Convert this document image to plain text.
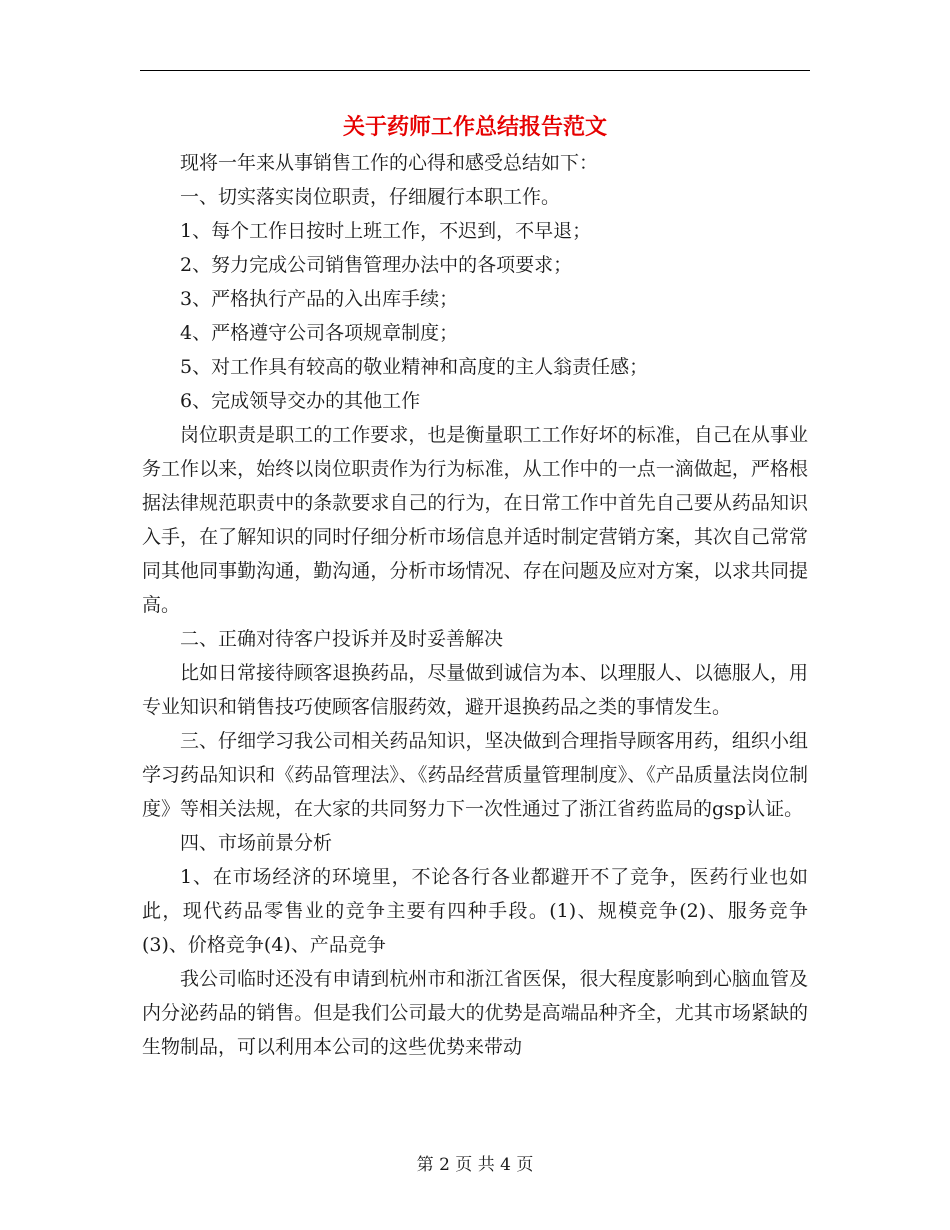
关于药师工作总结报告范文

现将一年来从事销售工作的心得和感受总结如下：

一、切实落实岗位职责，仔细履行本职工作。

1、每个工作日按时上班工作，不迟到，不早退；

2、努力完成公司销售管理办法中的各项要求；

3、严格执行产品的入出库手续；

4、严格遵守公司各项规章制度；

5、对工作具有较高的敬业精神和高度的主人翁责任感；

6、完成领导交办的其他工作

岗位职责是职工的工作要求，也是衡量职工工作好坏的标准，自己在从事业务工作以来，始终以岗位职责作为行为标准，从工作中的一点一滴做起，严格根据法律规范职责中的条款要求自己的行为，在日常工作中首先自己要从药品知识入手，在了解知识的同时仔细分析市场信息并适时制定营销方案，其次自己常常同其他同事勤沟通，勤沟通，分析市场情况、存在问题及应对方案，以求共同提高。

二、正确对待客户投诉并及时妥善解决

比如日常接待顾客退换药品，尽量做到诚信为本、以理服人、以德服人，用专业知识和销售技巧使顾客信服药效，避开退换药品之类的事情发生。

三、仔细学习我公司相关药品知识，坚决做到合理指导顾客用药，组织小组学习药品知识和《药品管理法》、《药品经营质量管理制度》、《产品质量法岗位制度》等相关法规，在大家的共同努力下一次性通过了浙江省药监局的gsp认证。

四、市场前景分析

1、在市场经济的环境里，不论各行各业都避开不了竞争，医药行业也如此，现代药品零售业的竞争主要有四种手段。(1)、规模竞争(2)、服务竞争(3)、价格竞争(4)、产品竞争

我公司临时还没有申请到杭州市和浙江省医保，很大程度影响到心脑血管及内分泌药品的销售。但是我们公司最大的优势是高端品种齐全，尤其市场紧缺的生物制品，可以利用本公司的这些优势来带动

第 2 页 共 4 页
